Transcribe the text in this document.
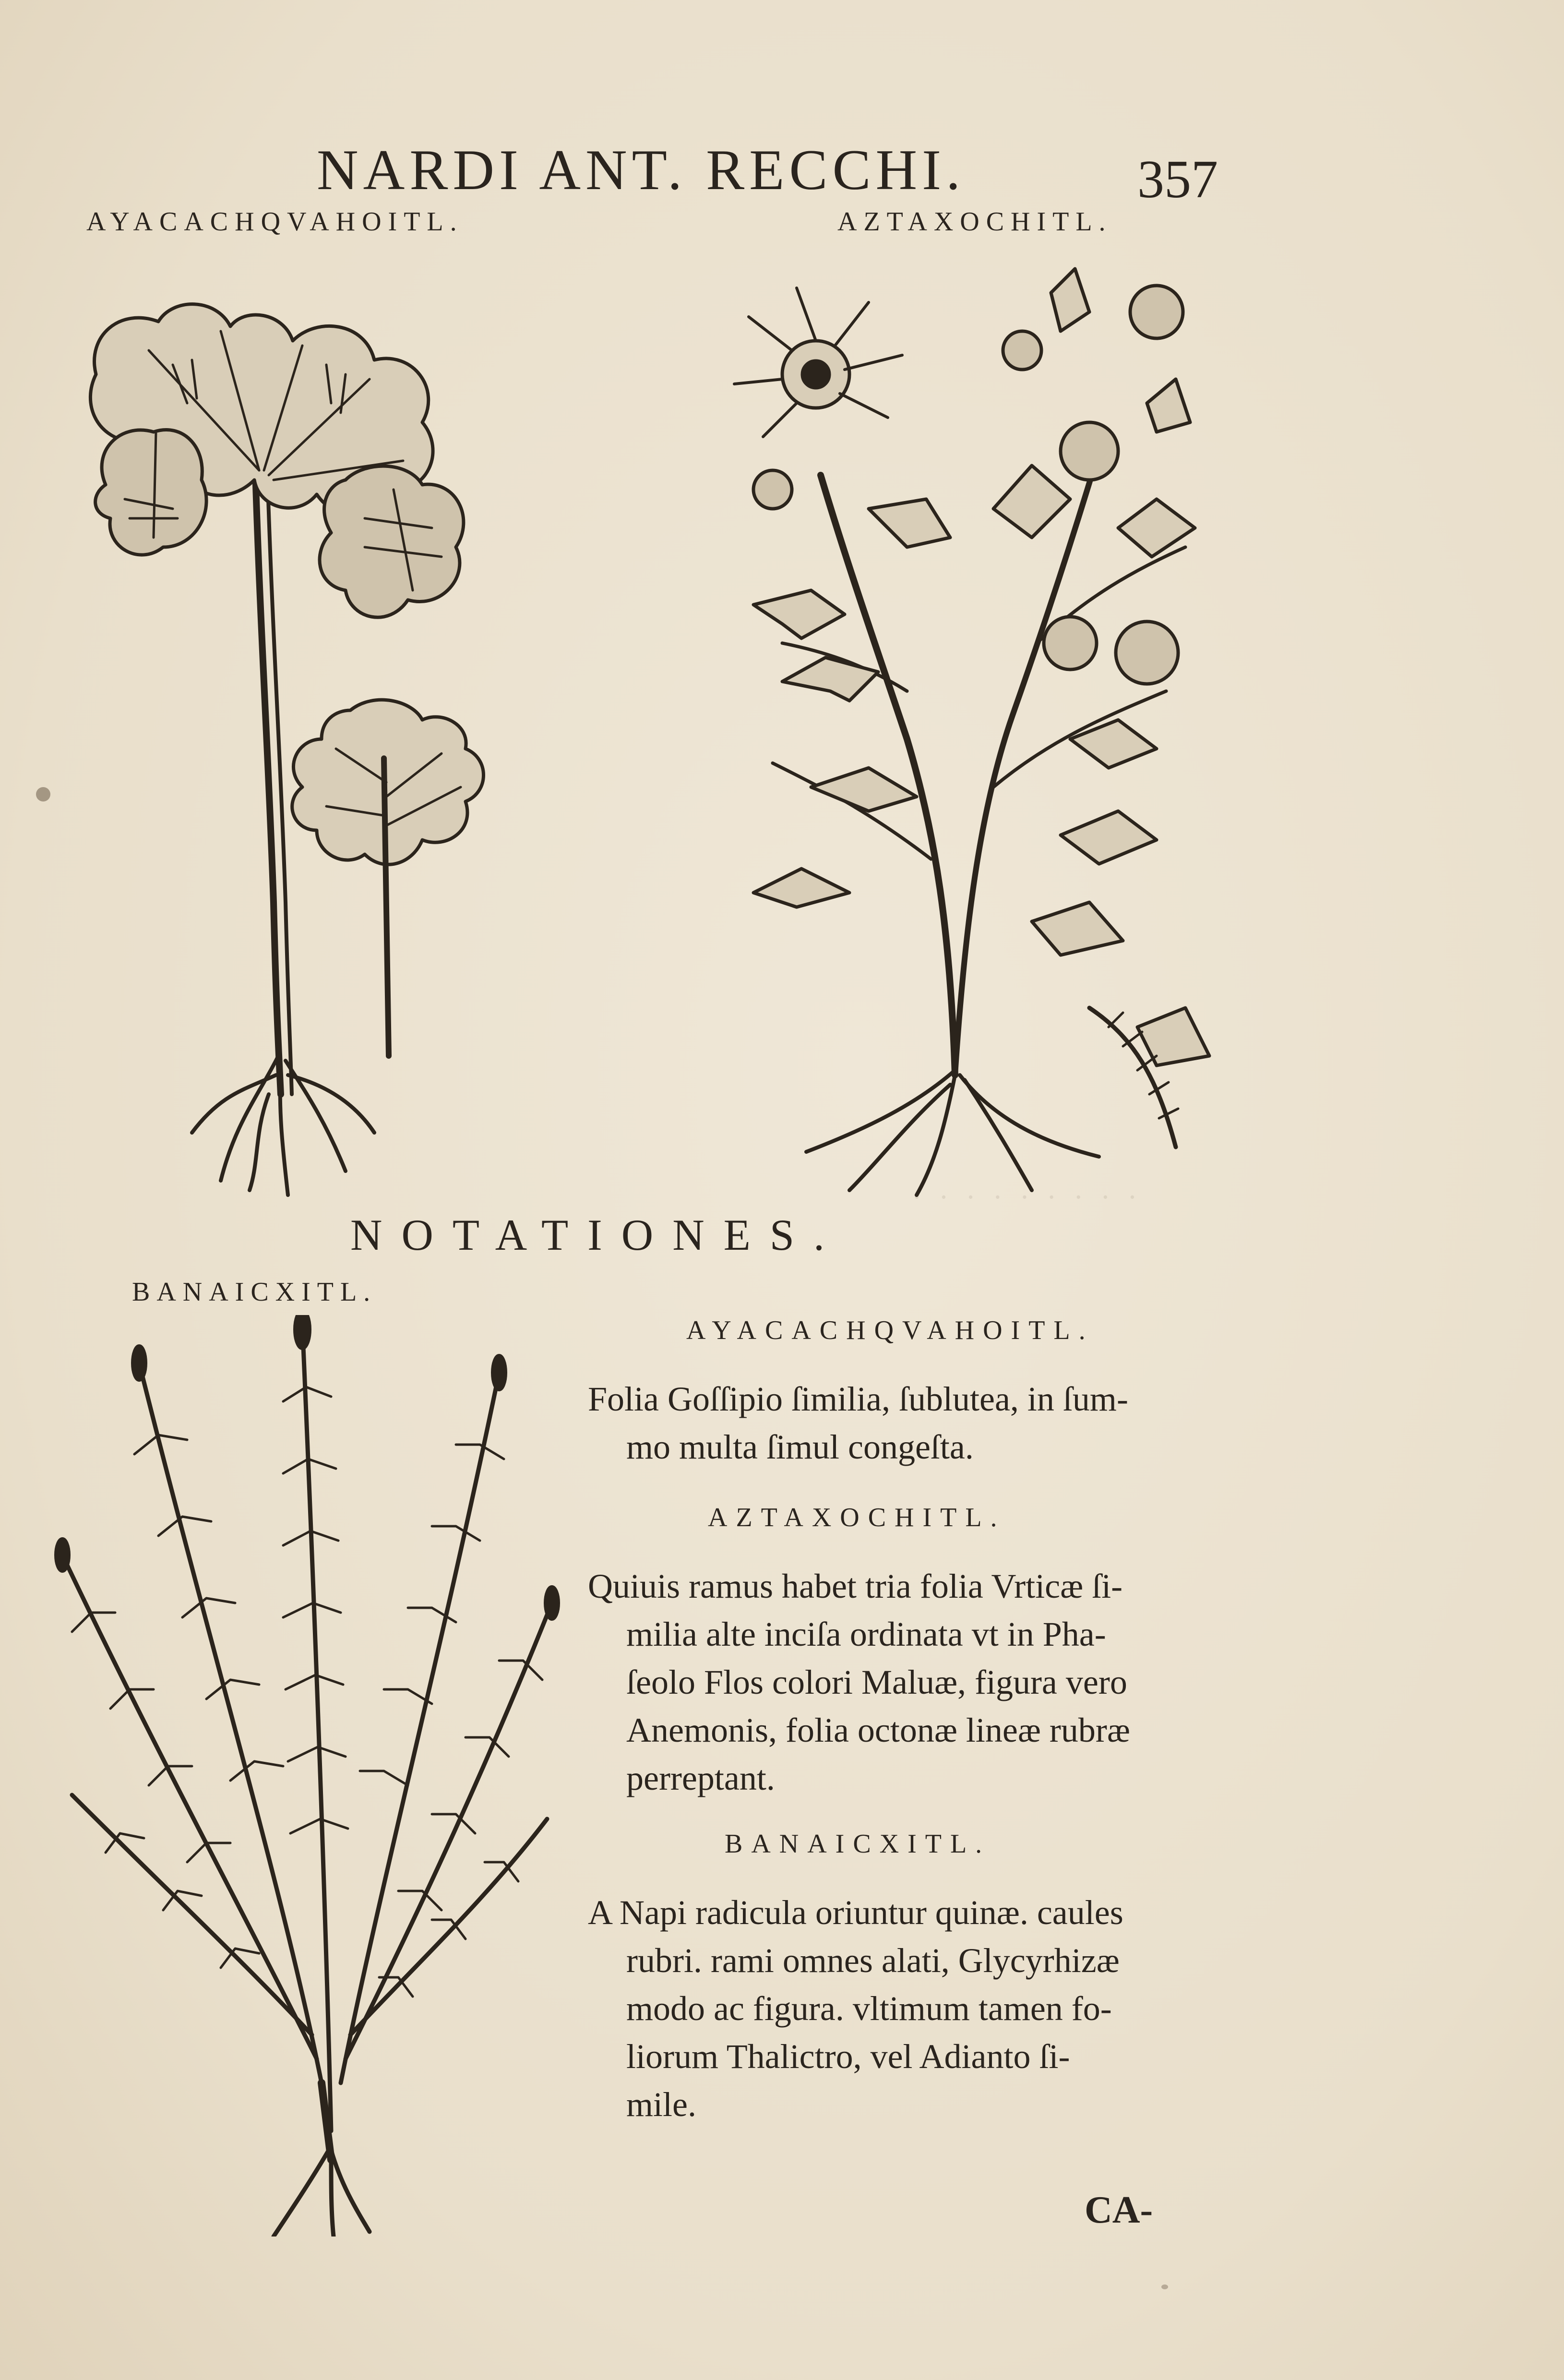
NARDI ANT. RECCHI.	357
AYACACHQVAHOITL.	AZTAXOCHITL.
BANAICXITL.
· · · · · · · · ·
NOTATIONES.
AYACACHQVAHOITL.
Folia Goſſipio ſimilia, ſublutea, in ſum-
mo multa ſimul congeſta.
AZTAXOCHITL.
Quiuis ramus habet tria folia Vrticæ ſi-
milia alte inciſa ordinata vt in Pha-
ſeolo Flos colori Maluæ, figura vero
Anemonis, folia octonæ lineæ rubræ
perreptant.
BANAICXITL.
A Napi radicula oriuntur quinæ. caules
rubri. rami omnes alati, Glycyrhizæ
modo ac figura. vltimum tamen fo-
liorum Thalictro, vel Adianto ſi-
mile.
CA-
